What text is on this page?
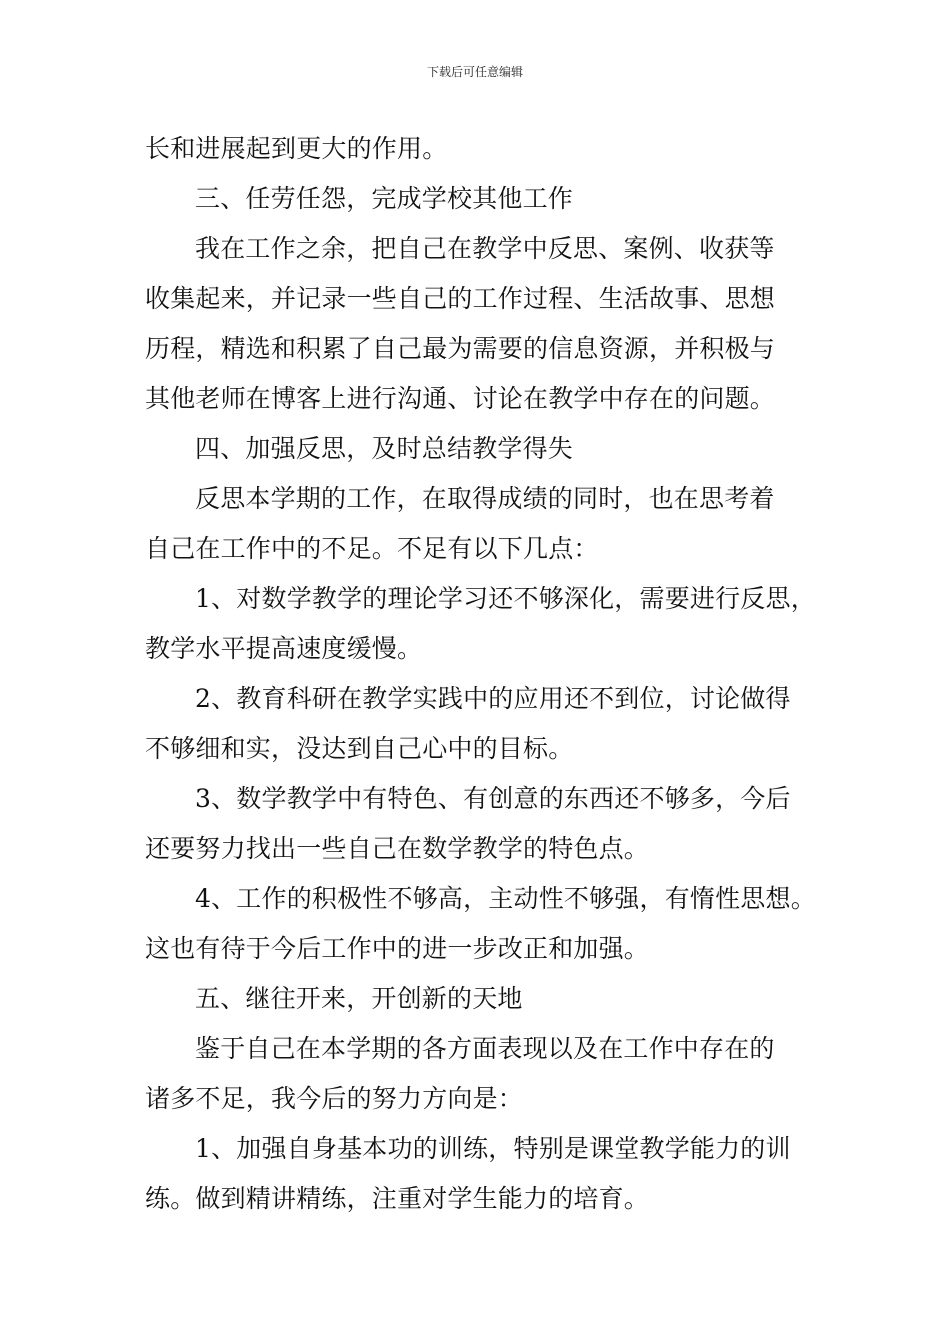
下载后可任意编辑
长和进展起到更大的作用。
三、任劳任怨，完成学校其他工作
我在工作之余，把自己在教学中反思、案例、收获等
收集起来，并记录一些自己的工作过程、生活故事、思想
历程，精选和积累了自己最为需要的信息资源，并积极与
其他老师在博客上进行沟通、讨论在教学中存在的问题。
四、加强反思，及时总结教学得失
反思本学期的工作，在取得成绩的同时，也在思考着
自己在工作中的不足。不足有以下几点：
1、对数学教学的理论学习还不够深化，需要进行反思，
教学水平提高速度缓慢。
2、教育科研在教学实践中的应用还不到位，讨论做得
不够细和实，没达到自己心中的目标。
3、数学教学中有特色、有创意的东西还不够多，今后
还要努力找出一些自己在数学教学的特色点。
4、工作的积极性不够高，主动性不够强，有惰性思想。
这也有待于今后工作中的进一步改正和加强。
五、继往开来，开创新的天地
鉴于自己在本学期的各方面表现以及在工作中存在的
诸多不足，我今后的努力方向是：
1、加强自身基本功的训练，特别是课堂教学能力的训
练。做到精讲精练，注重对学生能力的培育。
